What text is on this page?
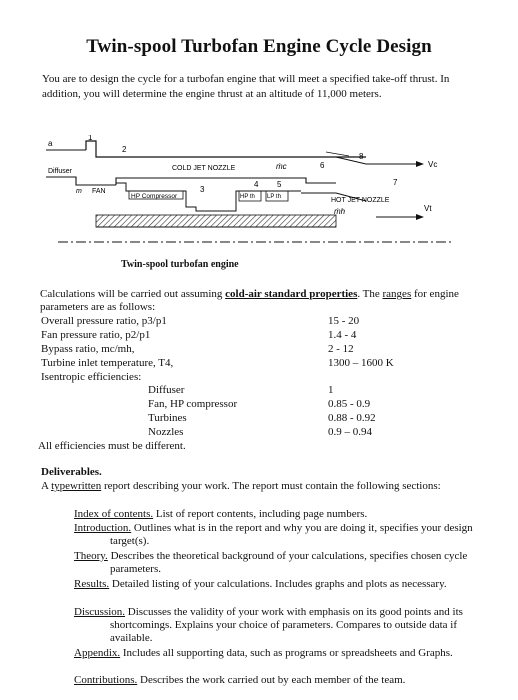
Twin-spool Turbofan Engine Cycle Design
You are to design the cycle for a turbofan engine that will meet a specified take-off thrust. In addition, you will determine the engine thrust at an altitude of 11,000 meters.
a
1
2
3
4 5
6
7
8
Diffuser
m FAN
COLD JET NOZZLE	ṁc
HP Compressor	HP th LP th	HOT JET NOZZLE
ṁh
Vc
Vt
Twin-spool turbofan engine
Calculations will be carried out assuming cold-air standard properties. The ranges for engine parameters are as follows:
Overall pressure ratio, p3/p1	15 - 20
Fan pressure ratio, p2/p1	1.4 - 4
Bypass ratio, mc/mh,	2 - 12
Turbine inlet temperature, T4,	1300 – 1600 K
Isentropic efficiencies:
Diffuser	1
Fan, HP compressor	0.85 - 0.9
Turbines	0.88 - 0.92
Nozzles	0.9 – 0.94
All efficiencies must be different.
Deliverables.
A typewritten report describing your work. The report must contain the following sections:
Index of contents. List of report contents, including page numbers.
Introduction. Outlines what is in the report and why you are doing it, specifies your design target(s).
Theory. Describes the theoretical background of your calculations, specifies chosen cycle parameters.
Results. Detailed listing of your calculations. Includes graphs and plots as necessary.
Discussion. Discusses the validity of your work with emphasis on its good points and its shortcomings. Explains your choice of parameters. Compares to outside data if available.
Appendix. Includes all supporting data, such as programs or spreadsheets and Graphs.
Contributions. Describes the work carried out by each member of the team.
